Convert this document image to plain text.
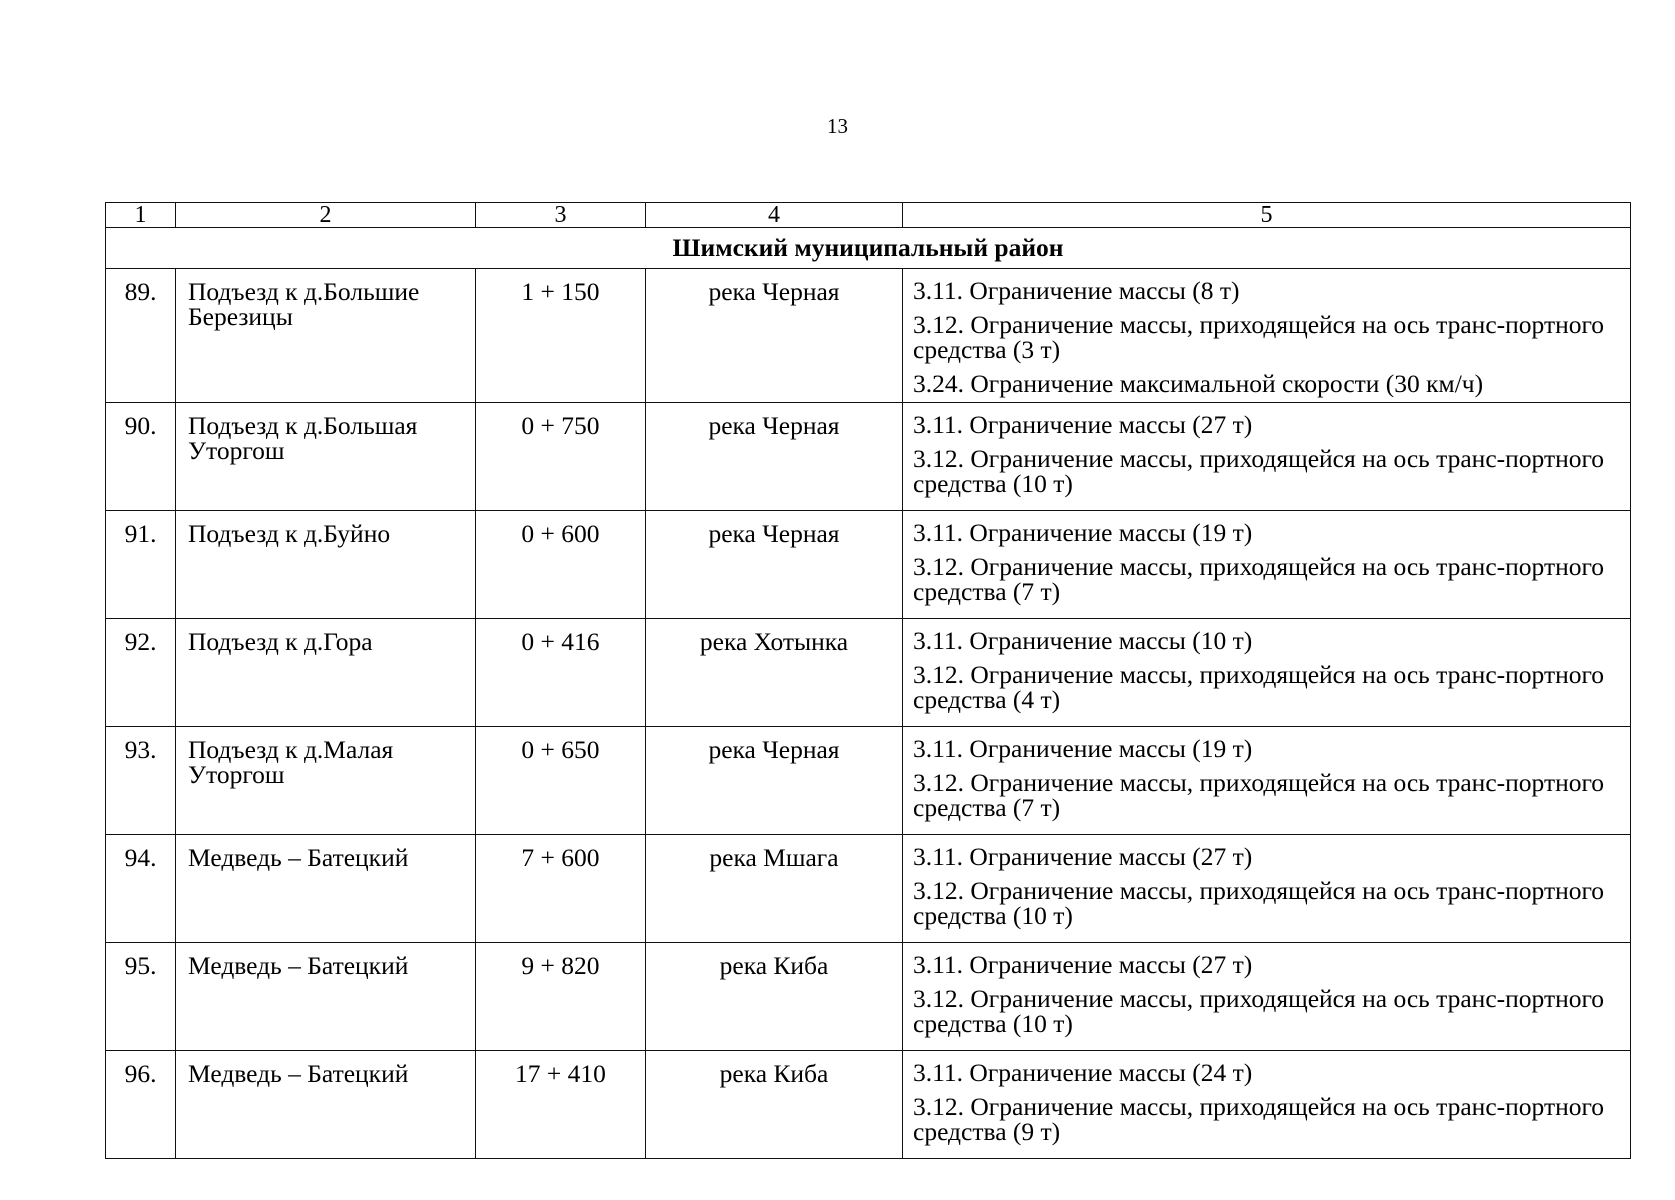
13
1	2	3	4	5
Шимский муниципальный район				
89.	Подъезд к д.Большие Березицы	1 + 150	река Черная	3.11. Ограничение массы (8 т)
3.12. Ограничение массы, приходящейся на ось транс-портного средства (3 т)
3.24. Ограничение максимальной скорости (30 км/ч)

90.	Подъезд к д.Большая Уторгош	0 + 750	река Черная	3.11. Ограничение массы (27 т)
3.12. Ограничение массы, приходящейся на ось транс-портного средства (10 т)

91.	Подъезд к д.Буйно	0 + 600	река Черная	3.11. Ограничение массы (19 т)
3.12. Ограничение массы, приходящейся на ось транс-портного средства (7 т)

92.	Подъезд к д.Гора	0 + 416	река Хотынка	3.11. Ограничение массы (10 т)
3.12. Ограничение массы, приходящейся на ось транс-портного средства (4 т)

93.	Подъезд к д.Малая Уторгош	0 + 650	река Черная	3.11. Ограничение массы (19 т)
3.12. Ограничение массы, приходящейся на ось транс-портного средства (7 т)

94.	Медведь – Батецкий	7 + 600	река Мшага	3.11. Ограничение массы (27 т)
3.12. Ограничение массы, приходящейся на ось транс-портного средства (10 т)

95.	Медведь – Батецкий	9 + 820	река Киба	3.11. Ограничение массы (27 т)
3.12. Ограничение массы, приходящейся на ось транс-портного средства (10 т)

96.	Медведь – Батецкий	17 + 410	река Киба	3.11. Ограничение массы (24 т)
3.12. Ограничение массы, приходящейся на ось транс-портного средства (9 т)
